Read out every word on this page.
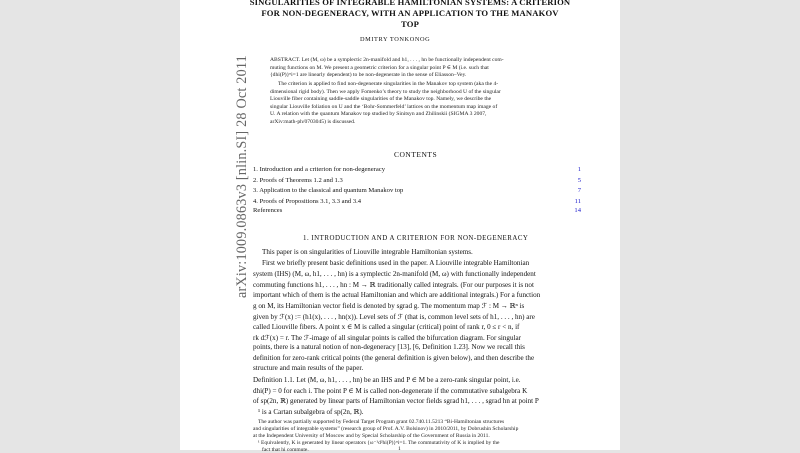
arXiv:1009.0863v3 [nlin.SI] 28 Oct 2011
SINGULARITIES OF INTEGRABLE HAMILTONIAN SYSTEMS: A CRITERION
FOR NON-DEGENERACY, WITH AN APPLICATION TO THE MANAKOV
TOP
DMITRY TONKONOG
ABSTRACT. Let (M, ω) be a symplectic 2n-manifold and h1, . . . , hn be functionally independent com-
muting functions on M. We present a geometric criterion for a singular point P ∈ M (i.e. such that
{dhi(P)}ⁿi=1 are linearly dependent) to be non-degenerate in the sense of Eliasson–Vey.
The criterion is applied to find non-degenerate singularities in the Manakov top system (aka the 4-
dimensional rigid body). Then we apply Fomenko’s theory to study the neighborhood U of the singular
Liouville fiber containing saddle-saddle singularities of the Manakov top. Namely, we describe the
singular Liouville foliation on U and the ‘Bohr-Sommerfeld’ lattices on the momentum map image of
U. A relation with the quantum Manakov top studied by Sinitsyn and Zhilinskii (SIGMA 3 2007,
arXiv:math-ph/0703045) is discussed.
CONTENTS
1. Introduction and a criterion for non-degeneracy	1
2. Proofs of Theorems 1.2 and 1.3	5
3. Application to the classical and quantum Manakov top	7
4. Proofs of Propositions 3.1, 3.3 and 3.4	11
References	14
1. INTRODUCTION AND A CRITERION FOR NON-DEGENERACY
This paper is on singularities of Liouville integrable Hamiltonian systems.
First we briefly present basic definitions used in the paper. A Liouville integrable Hamiltonian
system (IHS) (M, ω, h1, . . . , hn) is a symplectic 2n-manifold (M, ω) with functionally independent
commuting functions h1, . . . , hn : M → ℝ traditionally called integrals. (For our purposes it is not
important which of them is the actual Hamiltonian and which are additional integrals.) For a function
g on M, its Hamiltonian vector field is denoted by sgrad g. The momentum map ℱ : M → ℝⁿ is
given by ℱ(x) := (h1(x), . . . , hn(x)). Level sets of ℱ (that is, common level sets of h1, . . . , hn) are
called Liouville fibers. A point x ∈ M is called a singular (critical) point of rank r, 0 ≤ r < n, if
rk dℱ(x) = r. The ℱ-image of all singular points is called the bifurcation diagram. For singular
points, there is a natural notion of non-degeneracy [13], [6, Definition 1.23]. Now we recall this
definition for zero-rank critical points (the general definition is given below), and then describe the
structure and main results of the paper.
Definition 1.1. Let (M, ω, h1, . . . , hn) be an IHS and P ∈ M be a zero-rank singular point, i.e.
dhi(P) = 0 for each i. The point P ∈ M is called non-degenerate if the commutative subalgebra K
of sp(2n, ℝ) generated by linear parts of Hamiltonian vector fields sgrad h1, . . . , sgrad hn at point P
¹ is a Cartan subalgebra of sp(2n, ℝ).
The author was partially supported by Federal Target Program grant 02.740.11.5213 “Bi-Hamiltonian structures
and singularities of integrable systems” (research group of Prof. A.V. Bolsinov) in 2010/2011, by Dobrushin Scholarship
at the Independent University of Moscow and by Special Scholarship of the Government of Russia in 2011.
¹ Equivalently, K is generated by linear operators {ω⁻¹d²hi(P)}ⁿi=1. The commutativity of K is implied by the
fact that hi commute.	1
